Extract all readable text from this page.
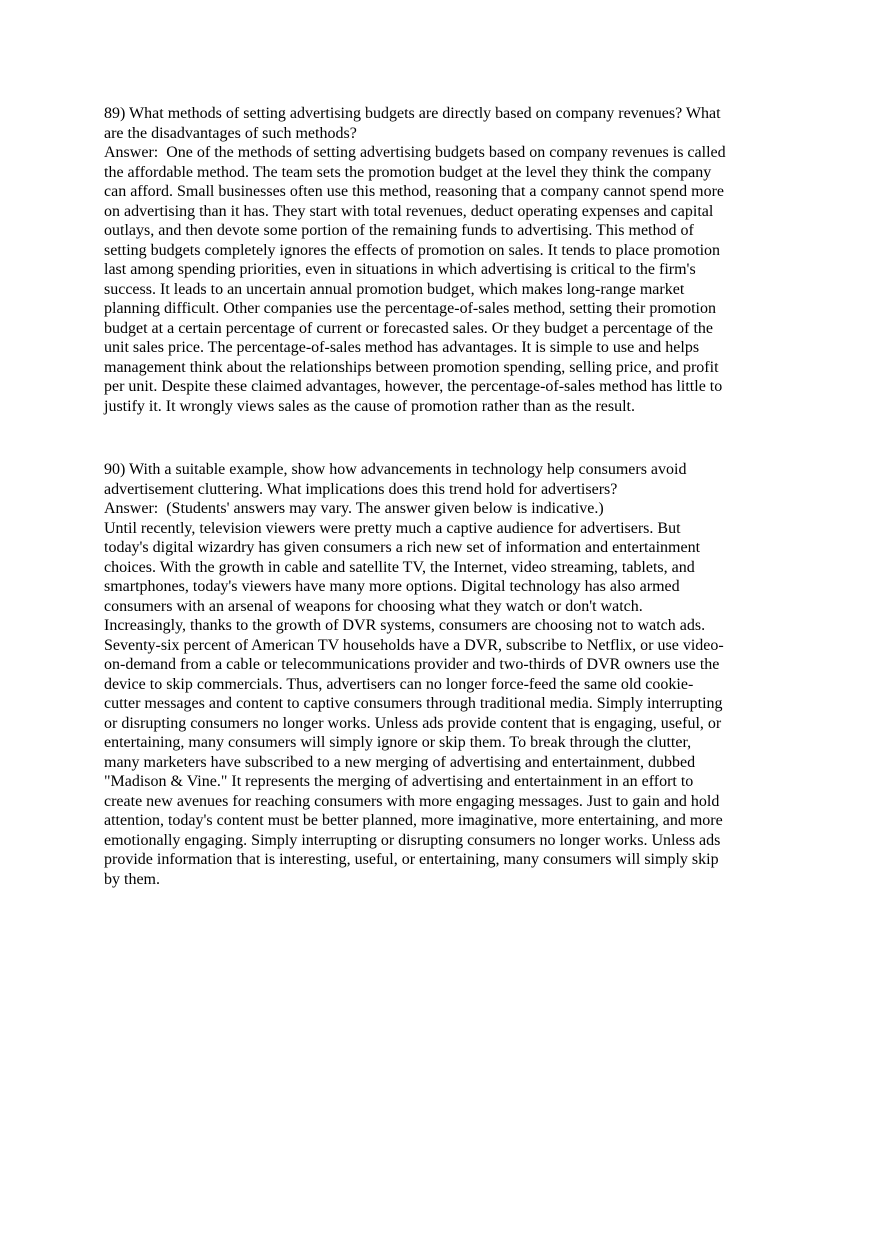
89) What methods of setting advertising budgets are directly based on company revenues? What
are the disadvantages of such methods?
Answer:  One of the methods of setting advertising budgets based on company revenues is called
the affordable method. The team sets the promotion budget at the level they think the company
can afford. Small businesses often use this method, reasoning that a company cannot spend more
on advertising than it has. They start with total revenues, deduct operating expenses and capital
outlays, and then devote some portion of the remaining funds to advertising. This method of
setting budgets completely ignores the effects of promotion on sales. It tends to place promotion
last among spending priorities, even in situations in which advertising is critical to the firm's
success. It leads to an uncertain annual promotion budget, which makes long-range market
planning difficult. Other companies use the percentage-of-sales method, setting their promotion
budget at a certain percentage of current or forecasted sales. Or they budget a percentage of the
unit sales price. The percentage-of-sales method has advantages. It is simple to use and helps
management think about the relationships between promotion spending, selling price, and profit
per unit. Despite these claimed advantages, however, the percentage-of-sales method has little to
justify it. It wrongly views sales as the cause of promotion rather than as the result.
90) With a suitable example, show how advancements in technology help consumers avoid
advertisement cluttering. What implications does this trend hold for advertisers?
Answer:  (Students' answers may vary. The answer given below is indicative.)
Until recently, television viewers were pretty much a captive audience for advertisers. But
today's digital wizardry has given consumers a rich new set of information and entertainment
choices. With the growth in cable and satellite TV, the Internet, video streaming, tablets, and
smartphones, today's viewers have many more options. Digital technology has also armed
consumers with an arsenal of weapons for choosing what they watch or don't watch.
Increasingly, thanks to the growth of DVR systems, consumers are choosing not to watch ads.
Seventy-six percent of American TV households have a DVR, subscribe to Netflix, or use video-
on-demand from a cable or telecommunications provider and two-thirds of DVR owners use the
device to skip commercials. Thus, advertisers can no longer force-feed the same old cookie-
cutter messages and content to captive consumers through traditional media. Simply interrupting
or disrupting consumers no longer works. Unless ads provide content that is engaging, useful, or
entertaining, many consumers will simply ignore or skip them. To break through the clutter,
many marketers have subscribed to a new merging of advertising and entertainment, dubbed
"Madison & Vine." It represents the merging of advertising and entertainment in an effort to
create new avenues for reaching consumers with more engaging messages. Just to gain and hold
attention, today's content must be better planned, more imaginative, more entertaining, and more
emotionally engaging. Simply interrupting or disrupting consumers no longer works. Unless ads
provide information that is interesting, useful, or entertaining, many consumers will simply skip
by them.
